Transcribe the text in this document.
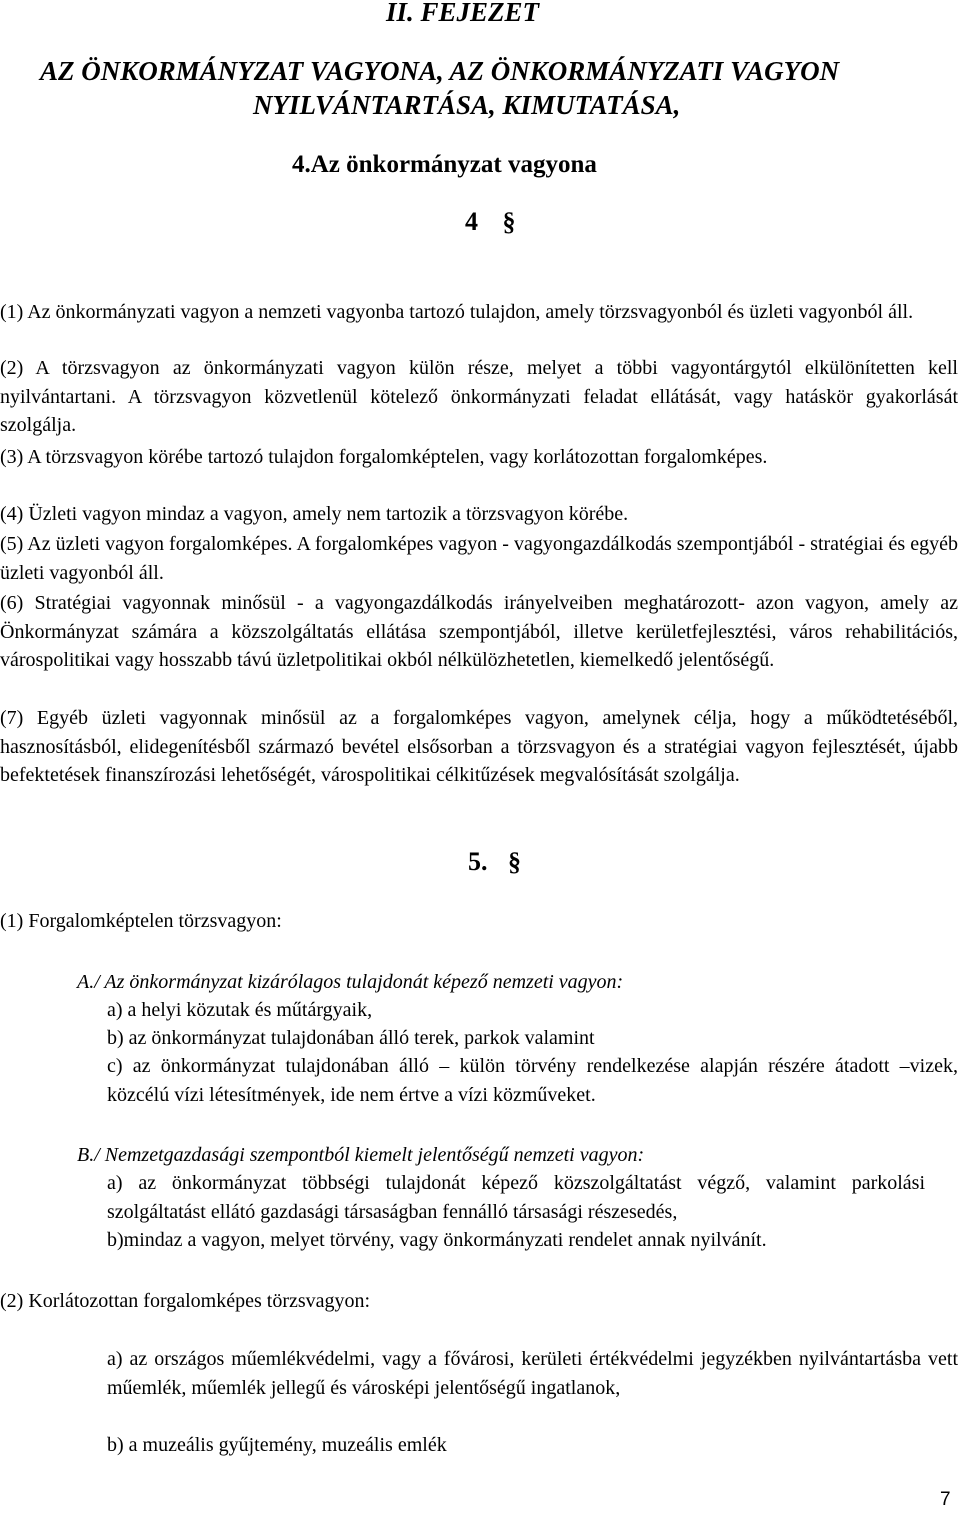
II. FEJEZET
AZ ÖNKORMÁNYZAT VAGYONA, AZ ÖNKORMÁNYZATI VAGYON
NYILVÁNTARTÁSA, KIMUTATÁSA,
4.Az önkormányzat vagyona
4 §
(1) Az önkormányzati vagyon a nemzeti vagyonba tartozó tulajdon, amely törzsvagyonból és üzleti vagyonból áll.
(2) A törzsvagyon az önkormányzati vagyon külön része, melyet a többi vagyontárgytól elkülönítetten kell nyilvántartani. A törzsvagyon közvetlenül kötelező önkormányzati feladat ellátását, vagy hatáskör gyakorlását szolgálja.
(3) A törzsvagyon körébe tartozó tulajdon forgalomképtelen, vagy korlátozottan forgalomképes.
(4) Üzleti vagyon mindaz a vagyon, amely nem tartozik a törzsvagyon körébe.
(5) Az üzleti vagyon forgalomképes. A forgalomképes vagyon - vagyongazdálkodás szempontjából - stratégiai és egyéb üzleti vagyonból áll.
(6) Stratégiai vagyonnak minősül - a vagyongazdálkodás irányelveiben meghatározott- azon vagyon, amely az Önkormányzat számára a közszolgáltatás ellátása szempontjából, illetve kerületfejlesztési, város rehabilitációs, várospolitikai vagy hosszabb távú üzletpolitikai okból nélkülözhetetlen, kiemelkedő jelentőségű.
(7) Egyéb üzleti vagyonnak minősül az a forgalomképes vagyon, amelynek célja, hogy a működtetéséből, hasznosításból, elidegenítésből származó bevétel elsősorban a törzsvagyon és a stratégiai vagyon fejlesztését, újabb befektetések finanszírozási lehetőségét, várospolitikai célkitűzések megvalósítását szolgálja.
5. §
(1) Forgalomképtelen törzsvagyon:
A./ Az önkormányzat kizárólagos tulajdonát képező nemzeti vagyon:
a) a helyi közutak és műtárgyaik,
b) az önkormányzat tulajdonában álló terek, parkok valamint
c) az önkormányzat tulajdonában álló – külön törvény rendelkezése alapján részére átadott –vizek, közcélú vízi létesítmények, ide nem értve a vízi közműveket.
B./ Nemzetgazdasági szempontból kiemelt jelentőségű nemzeti vagyon:
a) az önkormányzat többségi tulajdonát képező közszolgáltatást végző, valamint parkolási szolgáltatást ellátó gazdasági társaságban fennálló társasági részesedés,
b)mindaz a vagyon, melyet törvény, vagy önkormányzati rendelet annak nyilvánít.
(2) Korlátozottan forgalomképes törzsvagyon:
a) az országos műemlékvédelmi, vagy a fővárosi, kerületi értékvédelmi jegyzékben nyilvántartásba vett műemlék, műemlék jellegű és városképi jelentőségű ingatlanok,
b) a muzeális gyűjtemény, muzeális emlék
7
